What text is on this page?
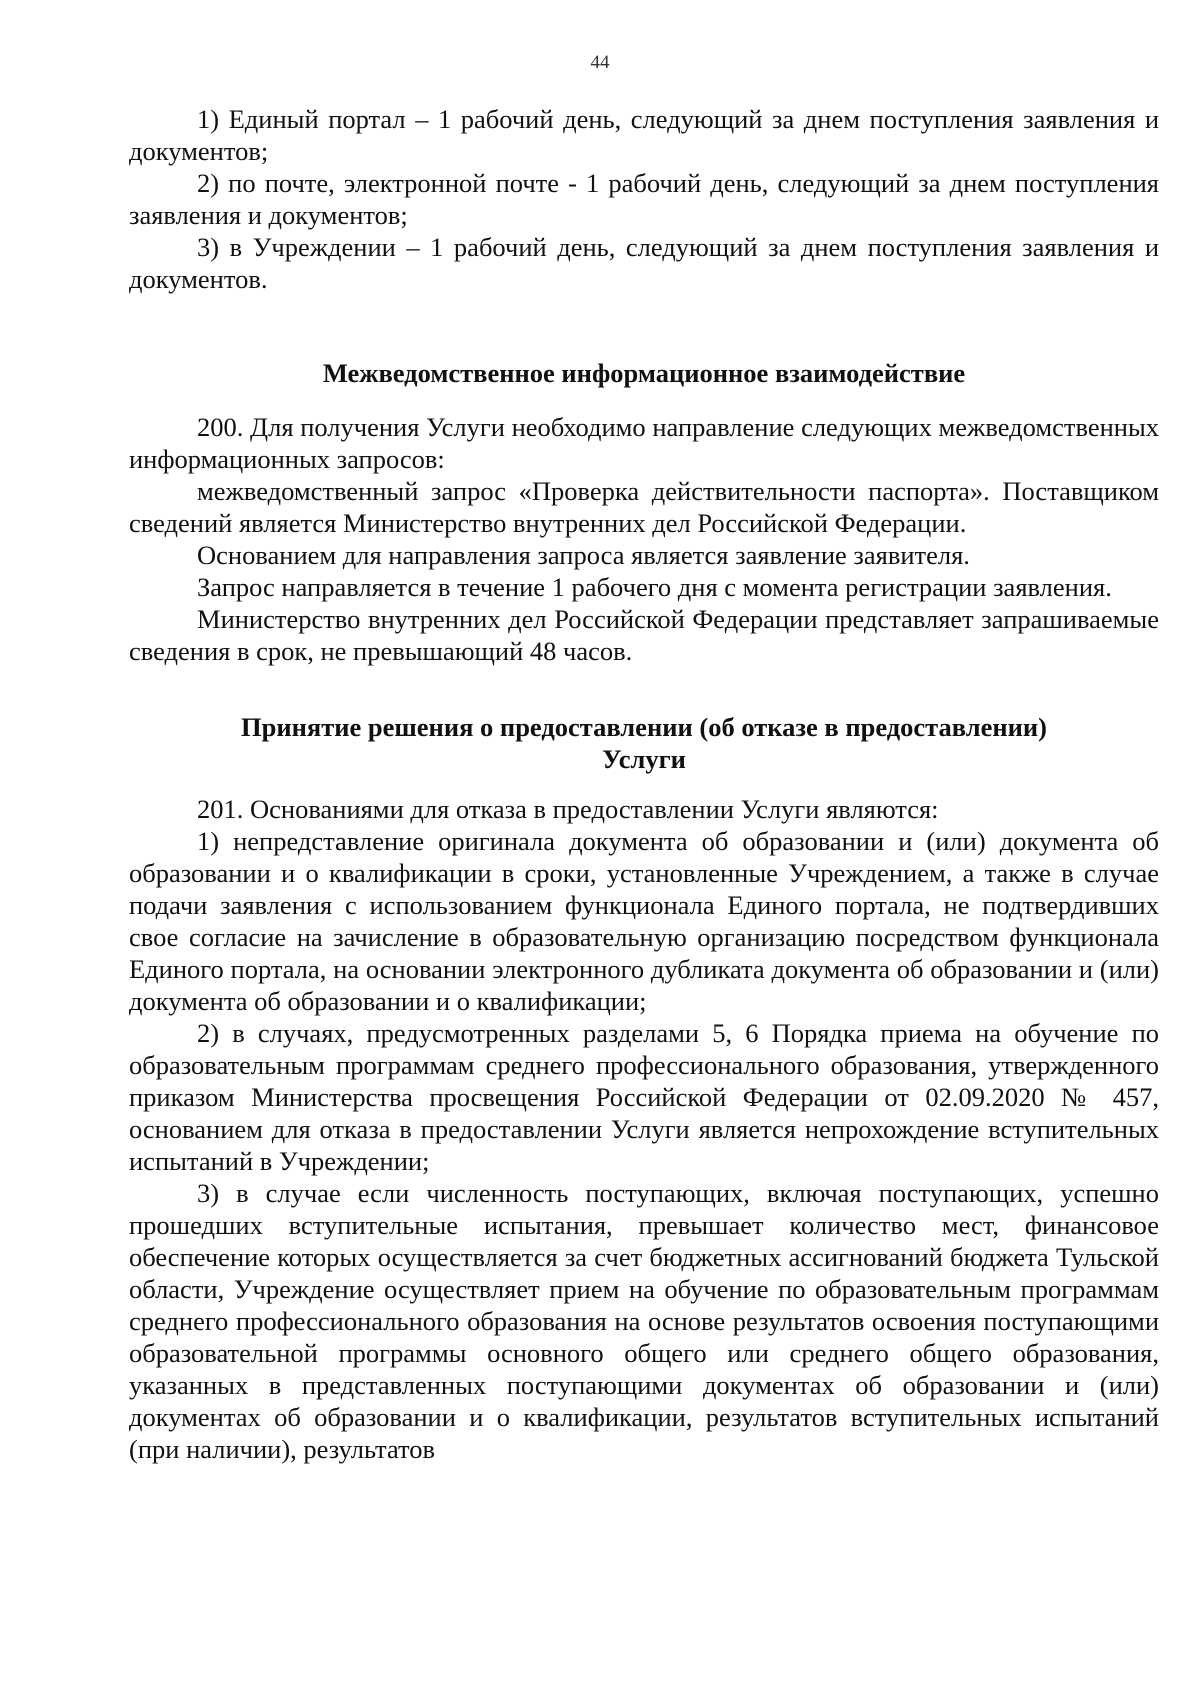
44

1) Единый портал – 1 рабочий день, следующий за днем поступления заявления и документов;

2) по почте, электронной почте - 1 рабочий день, следующий за днем поступления заявления и документов;

3) в Учреждении – 1 рабочий день, следующий за днем поступления заявления и документов.

Межведомственное информационное взаимодействие

200. Для получения Услуги необходимо направление следующих межведомственных информационных запросов:

межведомственный запрос «Проверка действительности паспорта». Поставщиком сведений является Министерство внутренних дел Российской Федерации.

Основанием для направления запроса является заявление заявителя.

Запрос направляется в течение 1 рабочего дня с момента регистрации заявления.

Министерство внутренних дел Российской Федерации представляет запрашиваемые сведения в срок, не превышающий 48 часов.

Принятие решения о предоставлении (об отказе в предоставлении)
Услуги

201. Основаниями для отказа в предоставлении Услуги являются:

1) непредставление оригинала документа об образовании и (или) документа об образовании и о квалификации в сроки, установленные Учреждением, а также в случае подачи заявления с использованием функционала Единого портала, не подтвердивших свое согласие на зачисление в образовательную организацию посредством функционала Единого портала, на основании электронного дубликата документа об образовании и (или) документа об образовании и о квалификации;

2) в случаях, предусмотренных разделами 5, 6 Порядка приема на обучение по образовательным программам среднего профессионального образования, утвержденного приказом Министерства просвещения Российской Федерации от 02.09.2020 № 457, основанием для отказа в предоставлении Услуги является непрохождение вступительных испытаний в Учреждении;

3) в случае если численность поступающих, включая поступающих, успешно прошедших вступительные испытания, превышает количество мест, финансовое обеспечение которых осуществляется за счет бюджетных ассигнований бюджета Тульской области, Учреждение осуществляет прием на обучение по образовательным программам среднего профессионального образования на основе результатов освоения поступающими образовательной программы основного общего или среднего общего образования, указанных в представленных поступающими документах об образовании и (или) документах об образовании и о квалификации, результатов вступительных испытаний (при наличии), результатов
